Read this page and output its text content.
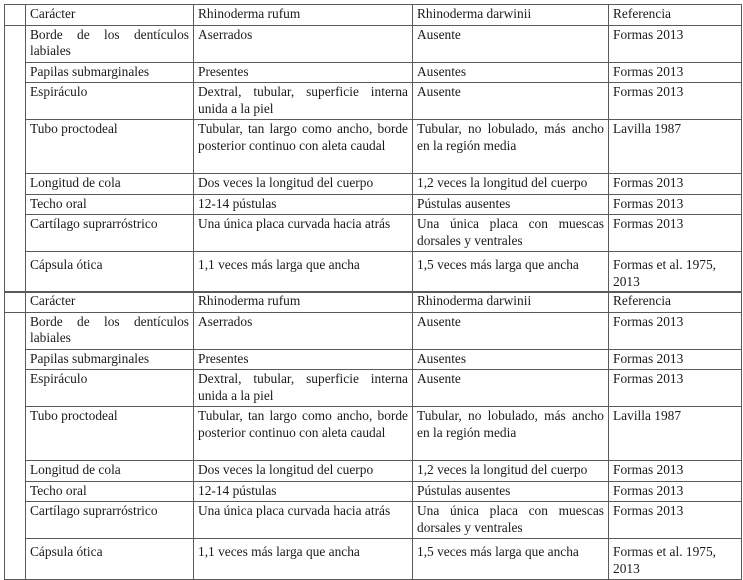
	Carácter	Rhinoderma rufum	Rhinoderma darwinii	Referencia
	Borde de los dentículos labiales	Aserrados	Ausente	Formas 2013
	Papilas submarginales	Presentes	Ausentes	Formas 2013
	Espiráculo	Dextral, tubular, superficie interna unida a la piel	Ausente	Formas 2013
	Tubo proctodeal	Tubular, tan largo como ancho, borde posterior continuo con aleta caudal	Tubular, no lobulado, más ancho en la región media	Lavilla 1987
	Longitud de cola	Dos veces la longitud del cuerpo	1,2 veces la longitud del cuerpo	Formas 2013
	Techo oral	12-14 pústulas	Pústulas ausentes	Formas 2013
	Cartílago suprarróstrico	Una única placa curvada hacia atrás	Una única placa con muescas dorsales y ventrales	Formas 2013
	Cápsula ótica	1,1 veces más larga que ancha	1,5 veces más larga que ancha	Formas et al. 1975, 2013
	Carácter	Rhinoderma rufum	Rhinoderma darwinii	Referencia
	Borde de los dentículos labiales	Aserrados	Ausente	Formas 2013
	Papilas submarginales	Presentes	Ausentes	Formas 2013
	Espiráculo	Dextral, tubular, superficie interna unida a la piel	Ausente	Formas 2013
	Tubo proctodeal	Tubular, tan largo como ancho, borde posterior continuo con aleta caudal	Tubular, no lobulado, más ancho en la región media	Lavilla 1987
	Longitud de cola	Dos veces la longitud del cuerpo	1,2 veces la longitud del cuerpo	Formas 2013
	Techo oral	12-14 pústulas	Pústulas ausentes	Formas 2013
	Cartílago suprarróstrico	Una única placa curvada hacia atrás	Una única placa con muescas dorsales y ventrales	Formas 2013
	Cápsula ótica	1,1 veces más larga que ancha	1,5 veces más larga que ancha	Formas et al. 1975, 2013
